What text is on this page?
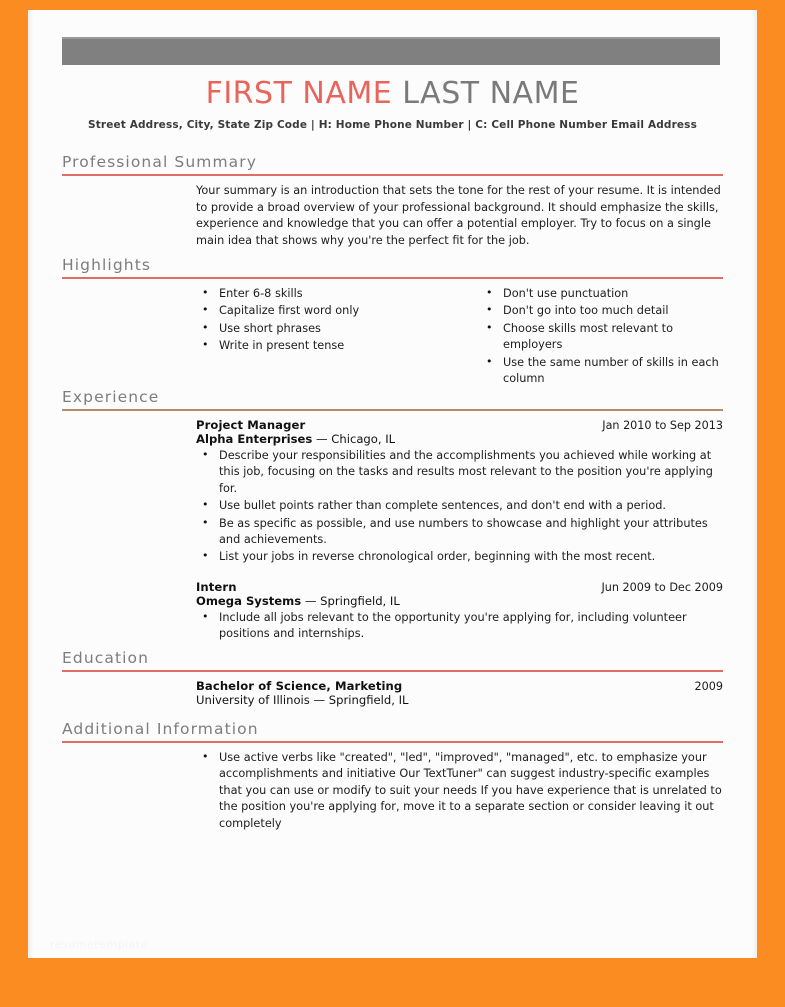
FIRST NAME LAST NAME
Street Address, City, State Zip Code | H: Home Phone Number | C: Cell Phone Number Email Address
Professional Summary

Your summary is an introduction that sets the tone for the rest of your resume. It is intended to provide a broad overview of your professional background. It should emphasize the skills, experience and knowledge that you can offer a potential employer. Try to focus on a single main idea that shows why you're the perfect fit for the job.

Highlights
• Enter 6-8 skills
• Capitalize first word only
• Use short phrases
• Write in present tense
• Don't use punctuation
• Don't go into too much detail
• Choose skills most relevant to employers
• Use the same number of skills in each column
Experience
Project Manager	Jan 2010 to Sep 2013
Alpha Enterprises — Chicago, IL
• Describe your responsibilities and the accomplishments you achieved while working at this job, focusing on the tasks and results most relevant to the position you're applying for.
• Use bullet points rather than complete sentences, and don't end with a period.
• Be as specific as possible, and use numbers to showcase and highlight your attributes and achievements.
• List your jobs in reverse chronological order, beginning with the most recent.
Intern	Jun 2009 to Dec 2009
Omega Systems — Springfield, IL
• Include all jobs relevant to the opportunity you're applying for, including volunteer positions and internships.
Education
Bachelor of Science, Marketing	2009
University of Illinois — Springfield, IL
Additional Information
• Use active verbs like "created", "led", "improved", "managed", etc. to emphasize your accomplishments and initiative Our TextTuner" can suggest industry-specific examples that you can use or modify to suit your needs If you have experience that is unrelated to the position you're applying for, move it to a separate section or consider leaving it out completely
resumetemplate
